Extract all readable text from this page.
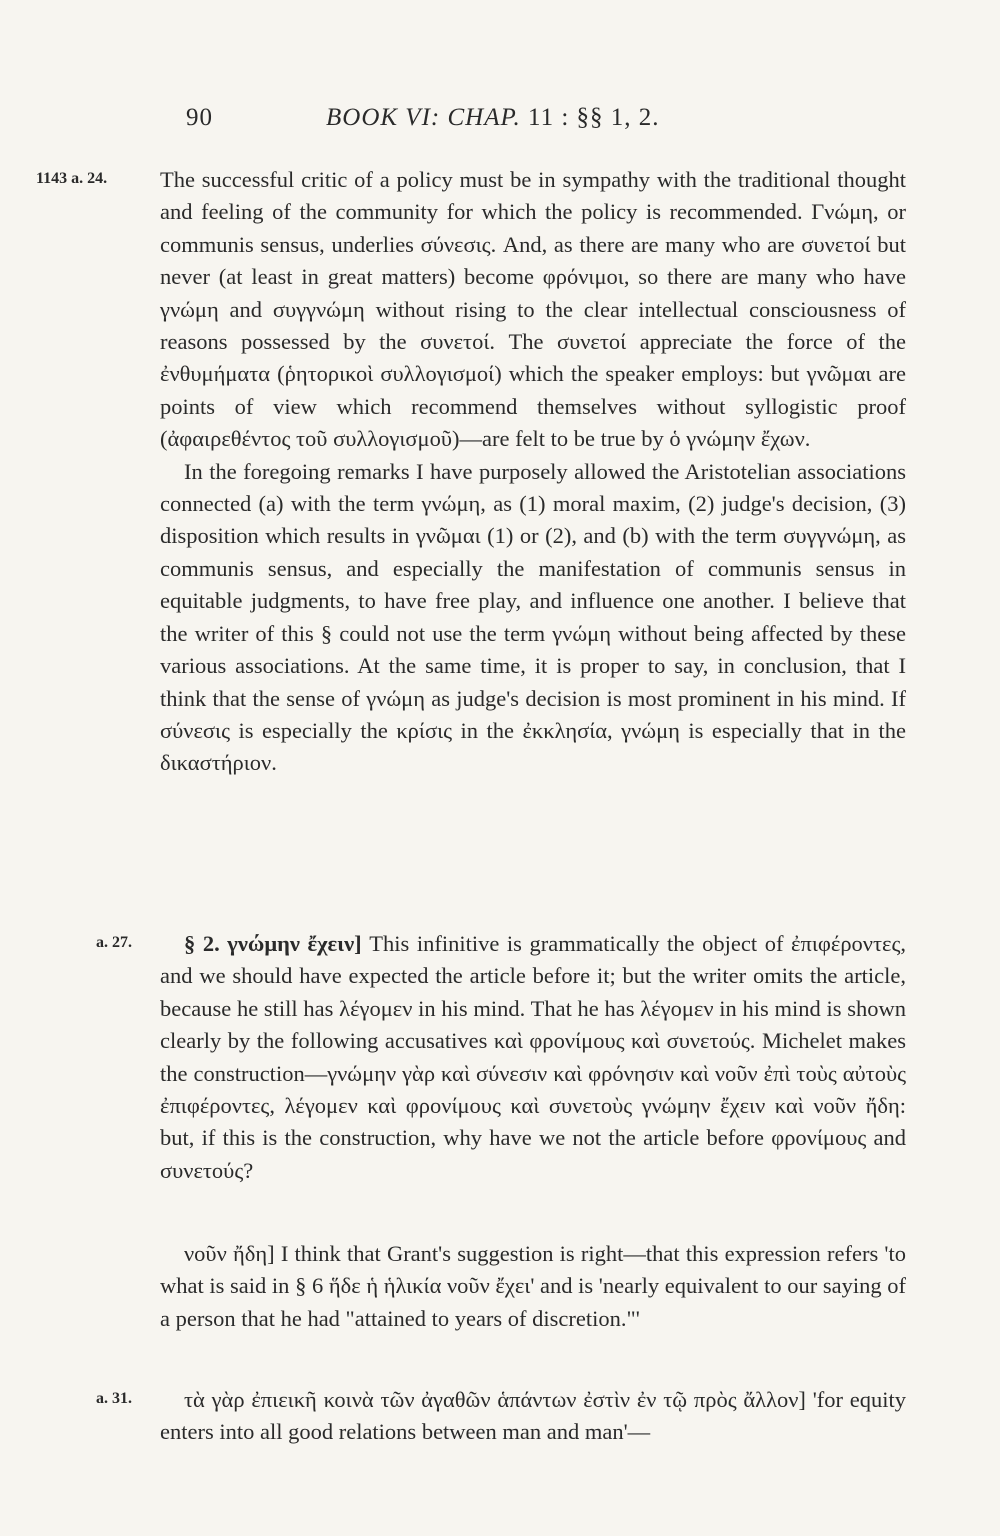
90	BOOK VI: CHAP. 11 : §§ 1, 2.
1143 a. 24. The successful critic of a policy must be in sympathy with the traditional thought and feeling of the community for which the policy is recommended. Γνώμη, or communis sensus, underlies σύνεσις. And, as there are many who are συνετοί but never (at least in great matters) become φρόνιμοι, so there are many who have γνώμη and συγγνώμη without rising to the clear intellectual consciousness of reasons possessed by the συνετοί. The συνετοί appreciate the force of the ἐνθυμήματα (ῥητορικοὶ συλλογισμοί) which the speaker employs: but γνῶμαι are points of view which recommend themselves without syllogistic proof (ἀφαιρεθέντος τοῦ συλλογισμοῦ)—are felt to be true by ὁ γνώμην ἔχων.

In the foregoing remarks I have purposely allowed the Aristotelian associations connected (a) with the term γνώμη, as (1) moral maxim, (2) judge's decision, (3) disposition which results in γνῶμαι (1) or (2), and (b) with the term συγγνώμη, as communis sensus, and especially the manifestation of communis sensus in equitable judgments, to have free play, and influence one another. I believe that the writer of this § could not use the term γνώμη without being affected by these various associations. At the same time, it is proper to say, in conclusion, that I think that the sense of γνώμη as judge's decision is most prominent in his mind. If σύνεσις is especially the κρίσις in the ἐκκλησία, γνώμη is especially that in the δικαστήριον.

a. 27.	§ 2. γνώμην ἔχειν] This infinitive is grammatically the object of ἐπιφέροντες, and we should have expected the article before it; but the writer omits the article, because he still has λέγομεν in his mind. That he has λέγομεν in his mind is shown clearly by the following accusatives καὶ φρονίμους καὶ συνετούς. Michelet makes the construction—γνώμην γὰρ καὶ σύνεσιν καὶ φρόνησιν καὶ νοῦν ἐπὶ τοὺς αὐτοὺς ἐπιφέροντες, λέγομεν καὶ φρονίμους καὶ συνετοὺς γνώμην ἔχειν καὶ νοῦν ἤδη: but, if this is the construction, why have we not the article before φρονίμους and συνετούς?

νοῦν ἤδη] I think that Grant's suggestion is right—that this expression refers 'to what is said in § 6 ἥδε ἡ ἡλικία νοῦν ἔχει' and is 'nearly equivalent to our saying of a person that he had "attained to years of discretion."'

a. 31.	τὰ γὰρ ἐπιεικῆ κοινὰ τῶν ἀγαθῶν ἁπάντων ἐστὶν ἐν τῷ πρὸς ἄλλον] 'for equity enters into all good relations between man and man'—
